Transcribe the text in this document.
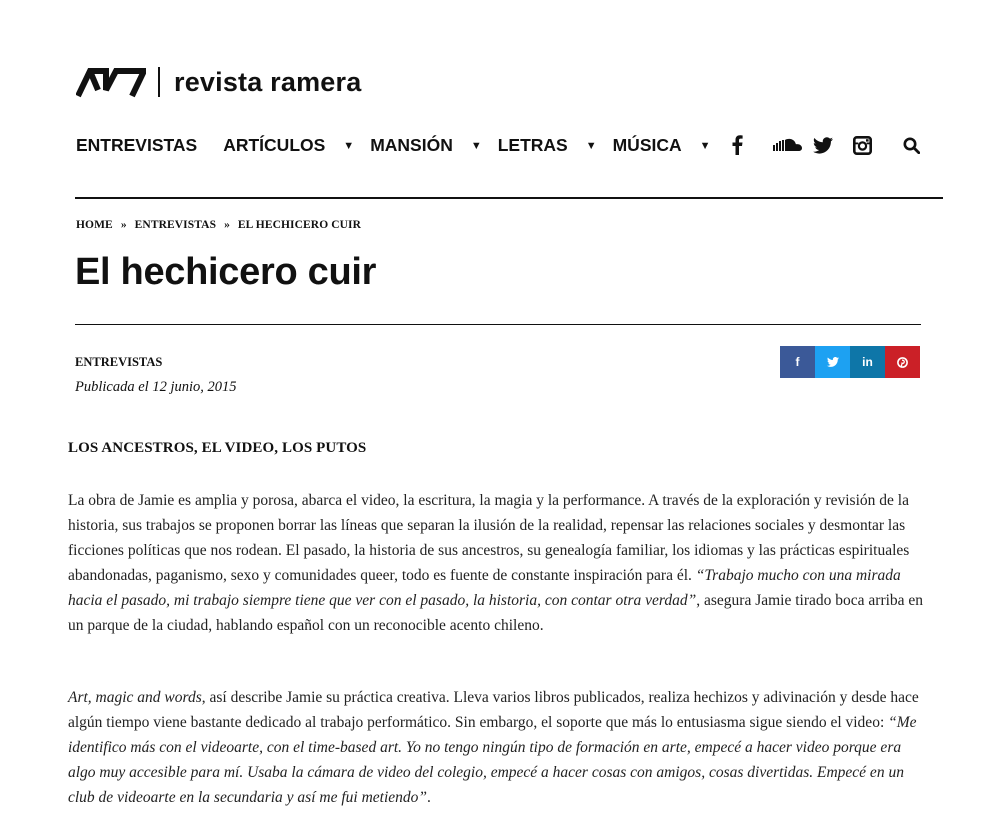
revista ramera
ENTREVISTAS ARTÍCULOS ▼ MANSIÓN ▼ LETRAS ▼ MÚSICA ▼
HOME » ENTREVISTAS » EL HECHICERO CUIR
El hechicero cuir
ENTREVISTAS
Publicada el 12 junio, 2015
f	in
LOS ANCESTROS, EL VIDEO, LOS PUTOS

La obra de Jamie es amplia y porosa, abarca el video, la escritura, la magia y la performance. A través de la exploración y revisión de la historia, sus trabajos se proponen borrar las líneas que separan la ilusión de la realidad, repensar las relaciones sociales y desmontar las ficciones políticas que nos rodean. El pasado, la historia de sus ancestros, su genealogía familiar, los idiomas y las prácticas espirituales abandonadas, paganismo, sexo y comunidades queer, todo es fuente de constante inspiración para él. “Trabajo mucho con una mirada hacia el pasado, mi trabajo siempre tiene que ver con el pasado, la historia, con contar otra verdad”, asegura Jamie tirado boca arriba en un parque de la ciudad, hablando español con un reconocible acento chileno.

Art, magic and words, así describe Jamie su práctica creativa. Lleva varios libros publicados, realiza hechizos y adivinación y desde hace algún tiempo viene bastante dedicado al trabajo performático. Sin embargo, el soporte que más lo entusiasma sigue siendo el video: “Me identifico más con el videoarte, con el time-based art. Yo no tengo ningún tipo de formación en arte, empecé a hacer video porque era algo muy accesible para mí. Usaba la cámara de video del colegio, empecé a hacer cosas con amigos, cosas divertidas. Empecé en un club de videoarte en la secundaria y así me fui metiendo”.
